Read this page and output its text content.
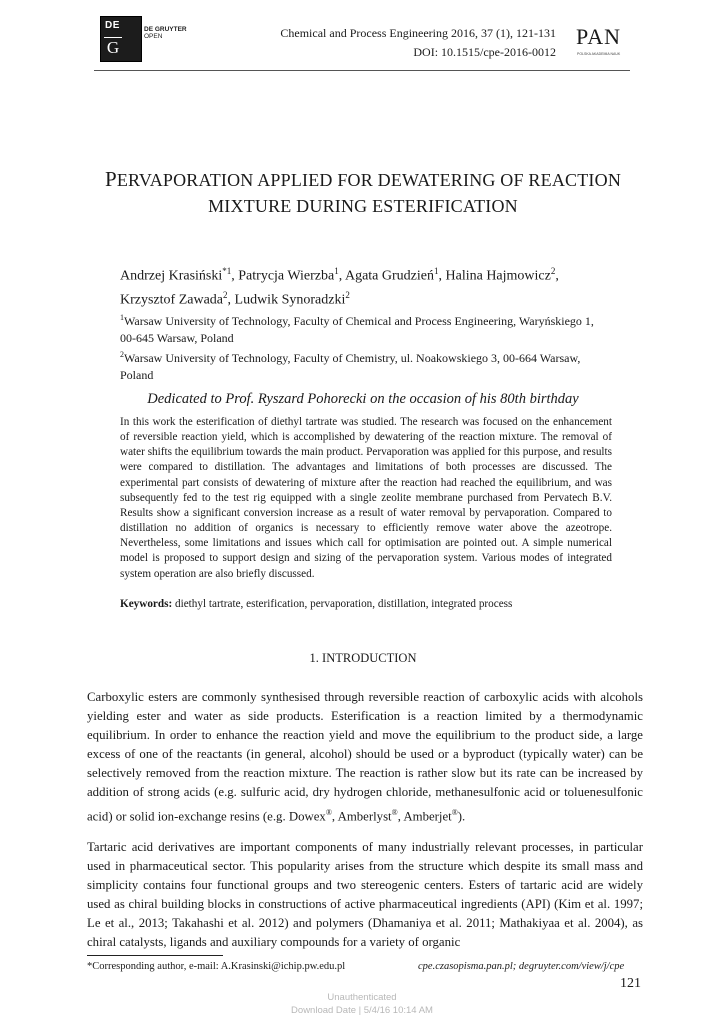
DE
G
DE GRUYTER
OPEN	Chemical and Process Engineering 2016, 37 (1), 121-131
DOI: 10.1515/cpe-2016-0012
PAN
POLSKA AKADEMIA NAUK
PERVAPORATION APPLIED FOR DEWATERING OF REACTION
MIXTURE DURING ESTERIFICATION
Andrzej Krasiński$^{*1}$, Patrycja Wierzba$^1$, Agata Grudzień$^1$, Halina Hajmowicz$^2$,
Krzysztof Zawada$^2$, Ludwik Synoradzki$^2$
$^1$Warsaw University of Technology, Faculty of Chemical and Process Engineering, Waryńskiego 1, 00-645 Warsaw, Poland
$^2$Warsaw University of Technology, Faculty of Chemistry, ul. Noakowskiego 3, 00-664 Warsaw, Poland
Dedicated to Prof. Ryszard Pohorecki on the occasion of his 80th birthday
In this work the esterification of diethyl tartrate was studied. The research was focused on the enhancement of reversible reaction yield, which is accomplished by dewatering of the reaction mixture. The removal of water shifts the equilibrium towards the main product. Pervaporation was applied for this purpose, and results were compared to distillation. The advantages and limitations of both processes are discussed. The experimental part consists of dewatering of mixture after the reaction had reached the equilibrium, and was subsequently fed to the test rig equipped with a single zeolite membrane purchased from Pervatech B.V. Results show a significant conversion increase as a result of water removal by pervaporation. Compared to distillation no addition of organics is necessary to efficiently remove water above the azeotrope. Nevertheless, some limitations and issues which call for optimisation are pointed out. A simple numerical model is proposed to support design and sizing of the pervaporation system. Various modes of integrated system operation are also briefly discussed.
Keywords: diethyl tartrate, esterification, pervaporation, distillation, integrated process
1. INTRODUCTION
Carboxylic esters are commonly synthesised through reversible reaction of carboxylic acids with alcohols yielding ester and water as side products. Esterification is a reaction limited by a thermodynamic equilibrium. In order to enhance the reaction yield and move the equilibrium to the product side, a large excess of one of the reactants (in general, alcohol) should be used or a byproduct (typically water) can be selectively removed from the reaction mixture. The reaction is rather slow but its rate can be increased by addition of strong acids (e.g. sulfuric acid, dry hydrogen chloride, methanesulfonic acid or toluenesulfonic acid) or solid ion-exchange resins (e.g. Dowex®, Amberlyst®, Amberjet®).
Tartaric acid derivatives are important components of many industrially relevant processes, in particular used in pharmaceutical sector. This popularity arises from the structure which despite its small mass and simplicity contains four functional groups and two stereogenic centers. Esters of tartaric acid are widely used as chiral building blocks in constructions of active pharmaceutical ingredients (API) (Kim et al. 1997; Le et al., 2013; Takahashi et al. 2012) and polymers (Dhamaniya et al. 2011; Mathakiyaa et al. 2004), as chiral catalysts, ligands and auxiliary compounds for a variety of organic
*Corresponding author, e-mail: A.Krasinski@ichip.pw.edu.pl	cpe.czasopisma.pan.pl; degruyter.com/view/j/cpe
121
Unauthenticated
Download Date | 5/4/16 10:14 AM
